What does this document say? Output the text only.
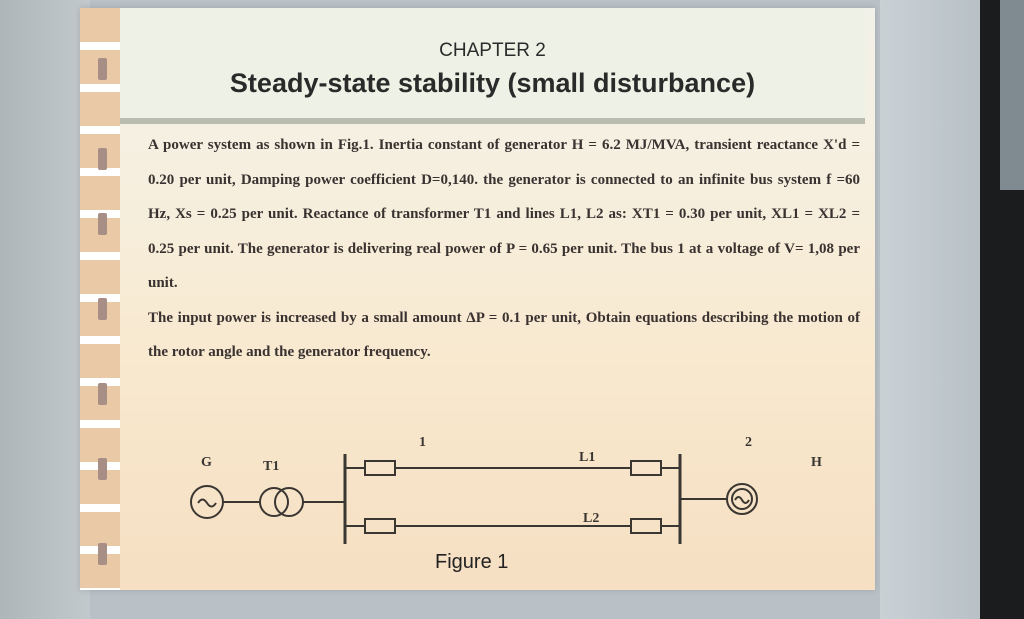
CHAPTER 2
Steady-state stability (small disturbance)

A power system as shown in Fig.1. Inertia constant of generator H = 6.2 MJ/MVA, transient reactance X'd = 0.20 per unit, Damping power coefficient D=0,140. the generator is connected to an infinite bus system f =60 Hz, Xs = 0.25 per unit. Reactance of transformer T1 and lines L1, L2 as: XT1 = 0.30 per unit, XL1 = XL2 = 0.25 per unit. The generator is delivering real power of P = 0.65 per unit. The bus 1 at a voltage of V= 1,08 per unit.

The input power is increased by a small amount ΔP = 0.1 per unit, Obtain equations describing the motion of the rotor angle and the generator frequency.

G	T1
1	2
L1
L2
H
Figure 1
